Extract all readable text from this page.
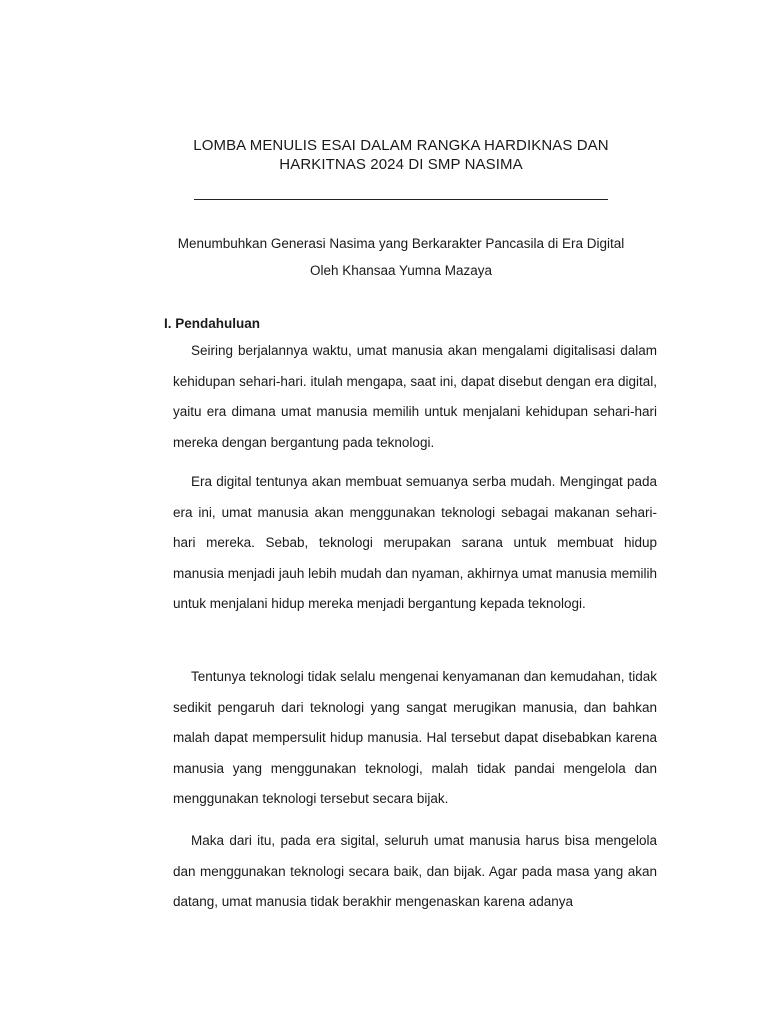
LOMBA MENULIS ESAI DALAM RANGKA HARDIKNAS DAN
HARKITNAS 2024 DI SMP NASIMA
Menumbuhkan Generasi Nasima yang Berkarakter Pancasila di Era Digital
Oleh Khansaa Yumna Mazaya
I. Pendahuluan

Seiring berjalannya waktu, umat manusia akan mengalami digitalisasi dalam kehidupan sehari-hari. itulah mengapa, saat ini, dapat disebut dengan era digital, yaitu era dimana umat manusia memilih untuk menjalani kehidupan sehari-hari mereka dengan bergantung pada teknologi.

Era digital tentunya akan membuat semuanya serba mudah. Mengingat pada era ini, umat manusia akan menggunakan teknologi sebagai makanan sehari-hari mereka. Sebab, teknologi merupakan sarana untuk membuat hidup manusia menjadi jauh lebih mudah dan nyaman, akhirnya umat manusia memilih untuk menjalani hidup mereka menjadi bergantung kepada teknologi.

Tentunya teknologi tidak selalu mengenai kenyamanan dan kemudahan, tidak sedikit pengaruh dari teknologi yang sangat merugikan manusia, dan bahkan malah dapat mempersulit hidup manusia. Hal tersebut dapat disebabkan karena manusia yang menggunakan teknologi, malah tidak pandai mengelola dan menggunakan teknologi tersebut secara bijak.

Maka dari itu, pada era sigital, seluruh umat manusia harus bisa mengelola dan menggunakan teknologi secara baik, dan bijak. Agar pada masa yang akan datang, umat manusia tidak berakhir mengenaskan karena adanya
